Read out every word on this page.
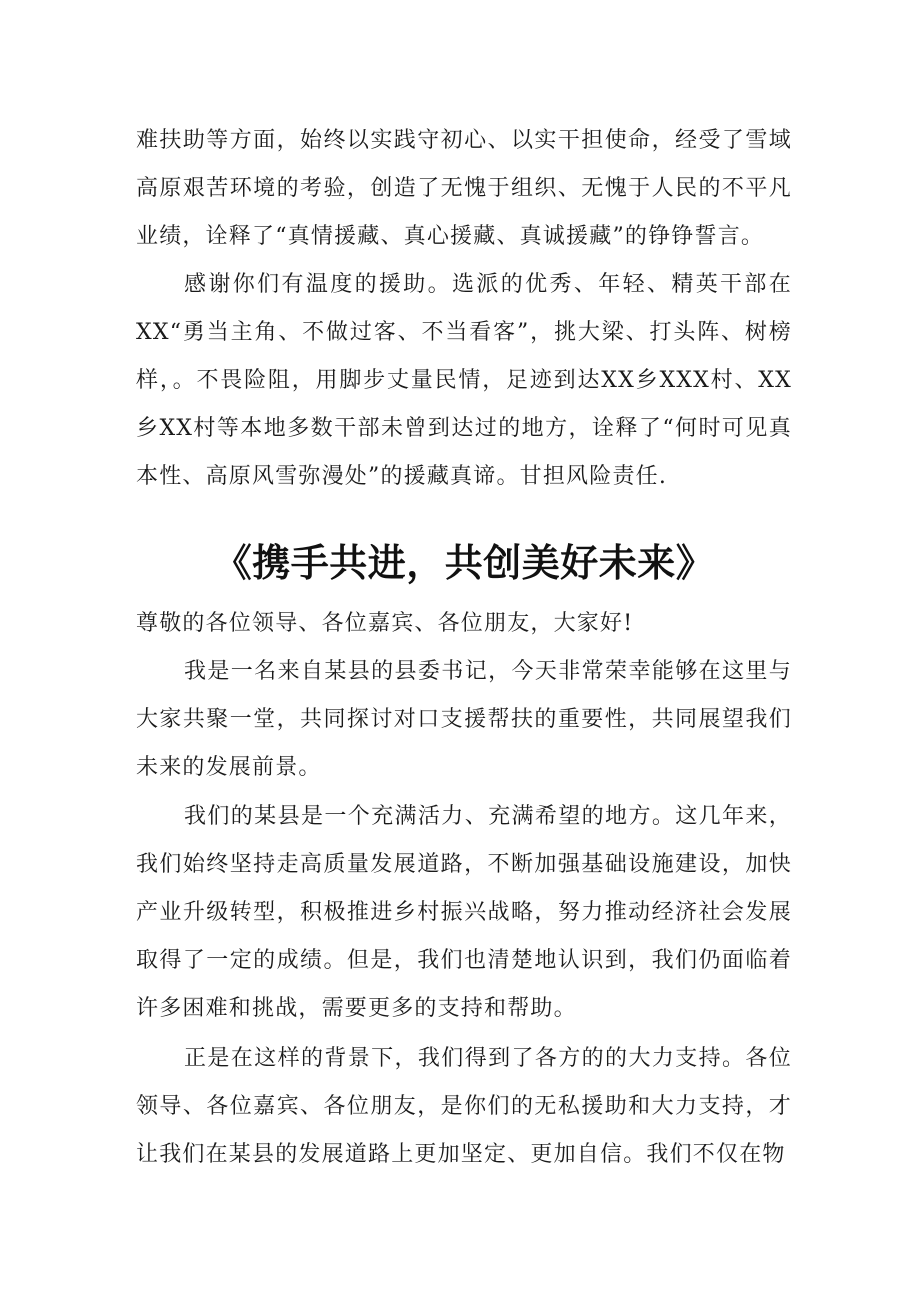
难扶助等方面，始终以实践守初心、以实干担使命，经受了雪域高原艰苦环境的考验，创造了无愧于组织、无愧于人民的不平凡业绩，诠释了“真情援藏、真心援藏、真诚援藏”的铮铮誓言。

感谢你们有温度的援助。选派的优秀、年轻、精英干部在XX“勇当主角、不做过客、不当看客”，挑大梁、打头阵、树榜样，。不畏险阻，用脚步丈量民情，足迹到达XX乡XXX村、XX乡XX村等本地多数干部未曾到达过的地方，诠释了“何时可见真本性、高原风雪弥漫处”的援藏真谛。甘担风险责任.

《携手共进，共创美好未来》

尊敬的各位领导、各位嘉宾、各位朋友，大家好!

我是一名来自某县的县委书记，今天非常荣幸能够在这里与大家共聚一堂，共同探讨对口支援帮扶的重要性，共同展望我们未来的发展前景。

我们的某县是一个充满活力、充满希望的地方。这几年来，我们始终坚持走高质量发展道路，不断加强基础设施建设，加快产业升级转型，积极推进乡村振兴战略，努力推动经济社会发展取得了一定的成绩。但是，我们也清楚地认识到，我们仍面临着许多困难和挑战，需要更多的支持和帮助。

正是在这样的背景下，我们得到了各方的的大力支持。各位领导、各位嘉宾、各位朋友，是你们的无私援助和大力支持，才让我们在某县的发展道路上更加坚定、更加自信。我们不仅在物
